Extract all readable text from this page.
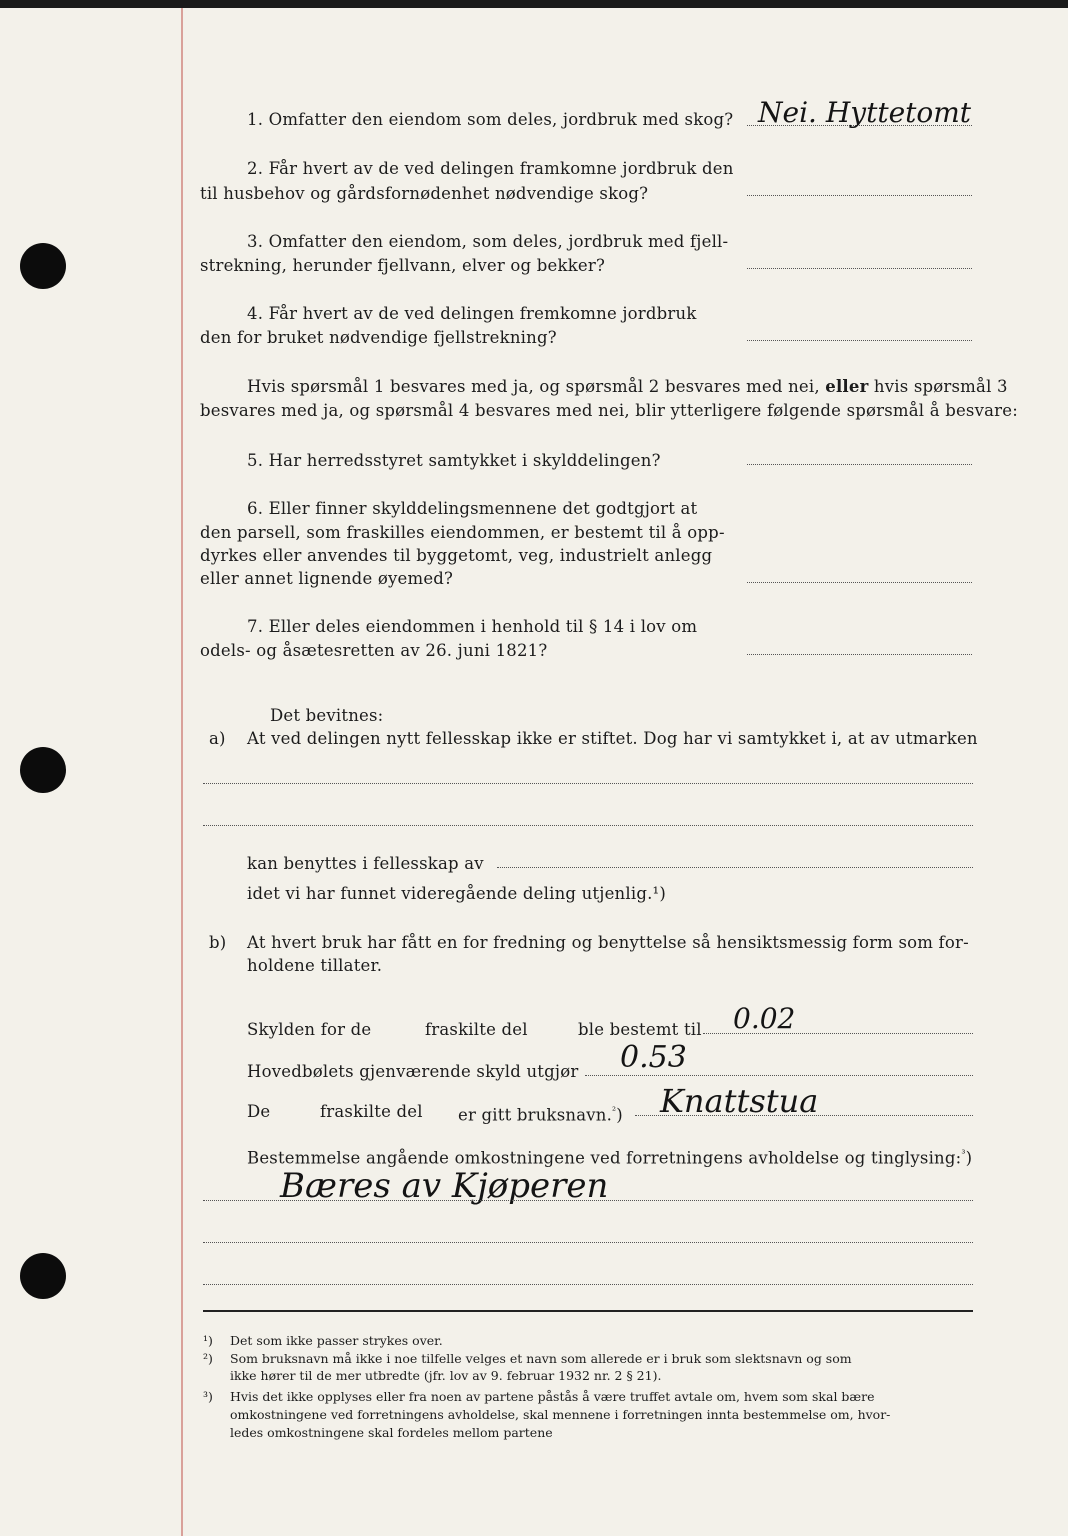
1. Omfatter den eiendom som deles, jordbruk med skog? Nei. Hyttetomt
2. Får hvert av de ved delingen framkomne jordbruk den
til husbehov og gårdsfornødenhet nødvendige skog?
3. Omfatter den eiendom, som deles, jordbruk med fjell-
strekning, herunder fjellvann, elver og bekker?
4. Får hvert av de ved delingen fremkomne jordbruk
den for bruket nødvendige fjellstrekning?
Hvis spørsmål 1 besvares med ja, og spørsmål 2 besvares med nei, eller hvis spørsmål 3
besvares med ja, og spørsmål 4 besvares med nei, blir ytterligere følgende spørsmål å besvare:
5. Har herredsstyret samtykket i skylddelingen?
6. Eller finner skylddelingsmennene det godtgjort at
den parsell, som fraskilles eiendommen, er bestemt til å opp-
dyrkes eller anvendes til byggetomt, veg, industrielt anlegg
eller annet lignende øyemed?
7. Eller deles eiendommen i henhold til § 14 i lov om
odels- og åsætesretten av 26. juni 1821?
Det bevitnes:
a) At ved delingen nytt fellesskap ikke er stiftet. Dog har vi samtykket i, at av utmarken
kan benyttes i fellesskap av
idet vi har funnet videregående deling utjenlig.¹)
b) At hvert bruk har fått en for fredning og benyttelse så hensiktsmessig form som for-
holdene tillater.
Skylden for de	fraskilte del	ble bestemt til 0.02
Hovedbølets gjenværende skyld utgjør 0.53
De	fraskilte del er gitt bruksnavn.$^{^2}$) Knattstua
Bestemmelse angående omkostningene ved forretningens avholdelse og tinglysing:$^{^3}$)
Bæres av Kjøperen
¹) Det som ikke passer strykes over.
²) Som bruksnavn må ikke i noe tilfelle velges et navn som allerede er i bruk som slektsnavn og som
ikke hører til de mer utbredte (jfr. lov av 9. februar 1932 nr. 2 § 21).
³) Hvis det ikke opplyses eller fra noen av partene påstås å være truffet avtale om, hvem som skal bære
omkostningene ved forretningens avholdelse, skal mennene i forretningen innta bestemmelse om, hvor-
ledes omkostningene skal fordeles mellom partene
